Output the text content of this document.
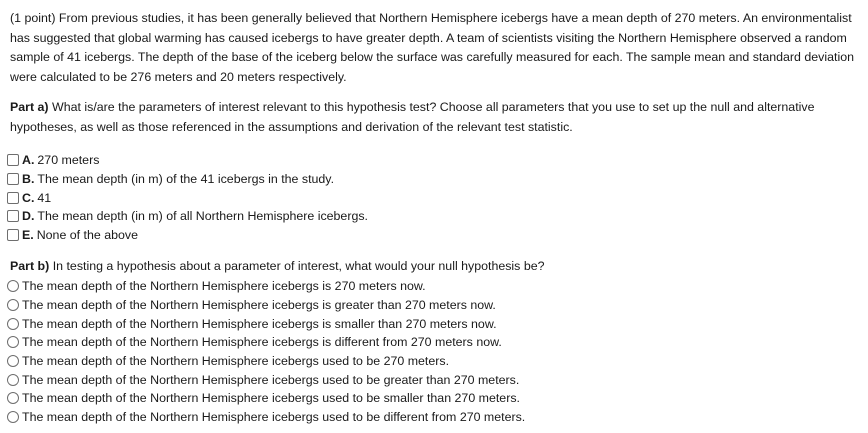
(1 point) From previous studies, it has been generally believed that Northern Hemisphere icebergs have a mean depth of 270 meters. An environmentalist has suggested that global warming has caused icebergs to have greater depth. A team of scientists visiting the Northern Hemisphere observed a random sample of 41 icebergs. The depth of the base of the iceberg below the surface was carefully measured for each. The sample mean and standard deviation were calculated to be 276 meters and 20 meters respectively.

Part a) What is/are the parameters of interest relevant to this hypothesis test? Choose all parameters that you use to set up the null and alternative hypotheses, as well as those referenced in the assumptions and derivation of the relevant test statistic.

A. 270 meters
B. The mean depth (in m) of the 41 icebergs in the study.
C. 41
D. The mean depth (in m) of all Northern Hemisphere icebergs.
E. None of the above

Part b) In testing a hypothesis about a parameter of interest, what would your null hypothesis be?

The mean depth of the Northern Hemisphere icebergs is 270 meters now.
The mean depth of the Northern Hemisphere icebergs is greater than 270 meters now.
The mean depth of the Northern Hemisphere icebergs is smaller than 270 meters now.
The mean depth of the Northern Hemisphere icebergs is different from 270 meters now.
The mean depth of the Northern Hemisphere icebergs used to be 270 meters.
The mean depth of the Northern Hemisphere icebergs used to be greater than 270 meters.
The mean depth of the Northern Hemisphere icebergs used to be smaller than 270 meters.
The mean depth of the Northern Hemisphere icebergs used to be different from 270 meters.
